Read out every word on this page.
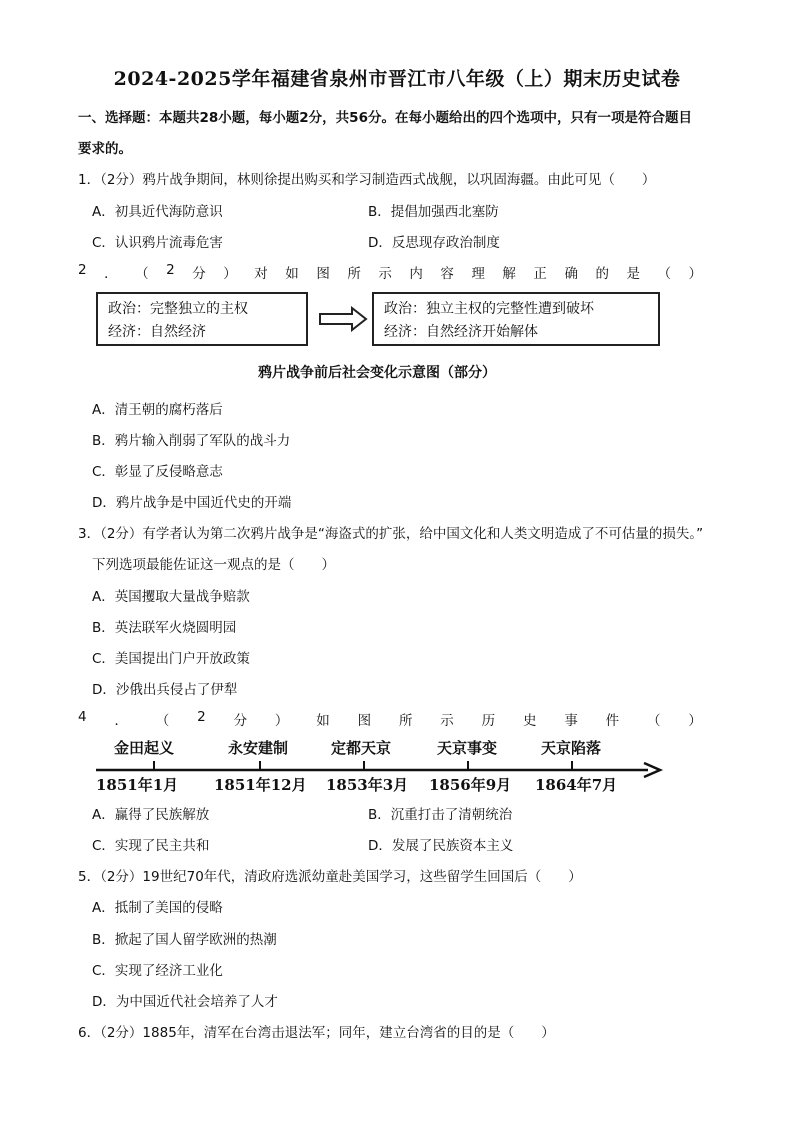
2024-2025学年福建省泉州市晋江市八年级（上）期末历史试卷
一、选择题：本题共28小题，每小题2分，共56分。在每小题给出的四个选项中，只有一项是符合题目
要求的。
1．（2分）鸦片战争期间，林则徐提出购买和学习制造西式战舰，以巩固海疆。由此可见（　　）
A．初具近代海防意识	B．提倡加强西北塞防
C．认识鸦片流毒危害	D．反思现存政治制度
2 ． （ 2 分 ） 对 如 图 所 示 内 容 理 解 正 确 的 是 （ ）
政治：完整独立的主权
经济：自然经济
政治：独立主权的完整性遭到破坏
经济：自然经济开始解体
鸦片战争前后社会变化示意图（部分）
A．清王朝的腐朽落后
B．鸦片输入削弱了军队的战斗力
C．彰显了反侵略意志
D．鸦片战争是中国近代史的开端
3．（2分）有学者认为第二次鸦片战争是“海盗式的扩张，给中国文化和人类文明造成了不可估量的损失。”
下列选项最能佐证这一观点的是（　　）
A．英国攫取大量战争赔款
B．英法联军火烧圆明园
C．美国提出门户开放政策
D．沙俄出兵侵占了伊犁
4 ． （ 2 分 ） 如 图 所 示 历 史 事 件 （ ）
金田起义	永安建制	定都天京	天京事变	天京陷落
1851年1月 1851年12月 1853年3月 1856年9月 1864年7月
A．赢得了民族解放	B．沉重打击了清朝统治
C．实现了民主共和	D．发展了民族资本主义
5．（2分）19世纪70年代，清政府选派幼童赴美国学习，这些留学生回国后（　　）
A．抵制了美国的侵略
B．掀起了国人留学欧洲的热潮
C．实现了经济工业化
D．为中国近代社会培养了人才
6．（2分）1885年，清军在台湾击退法军；同年，建立台湾省的目的是（　　）
